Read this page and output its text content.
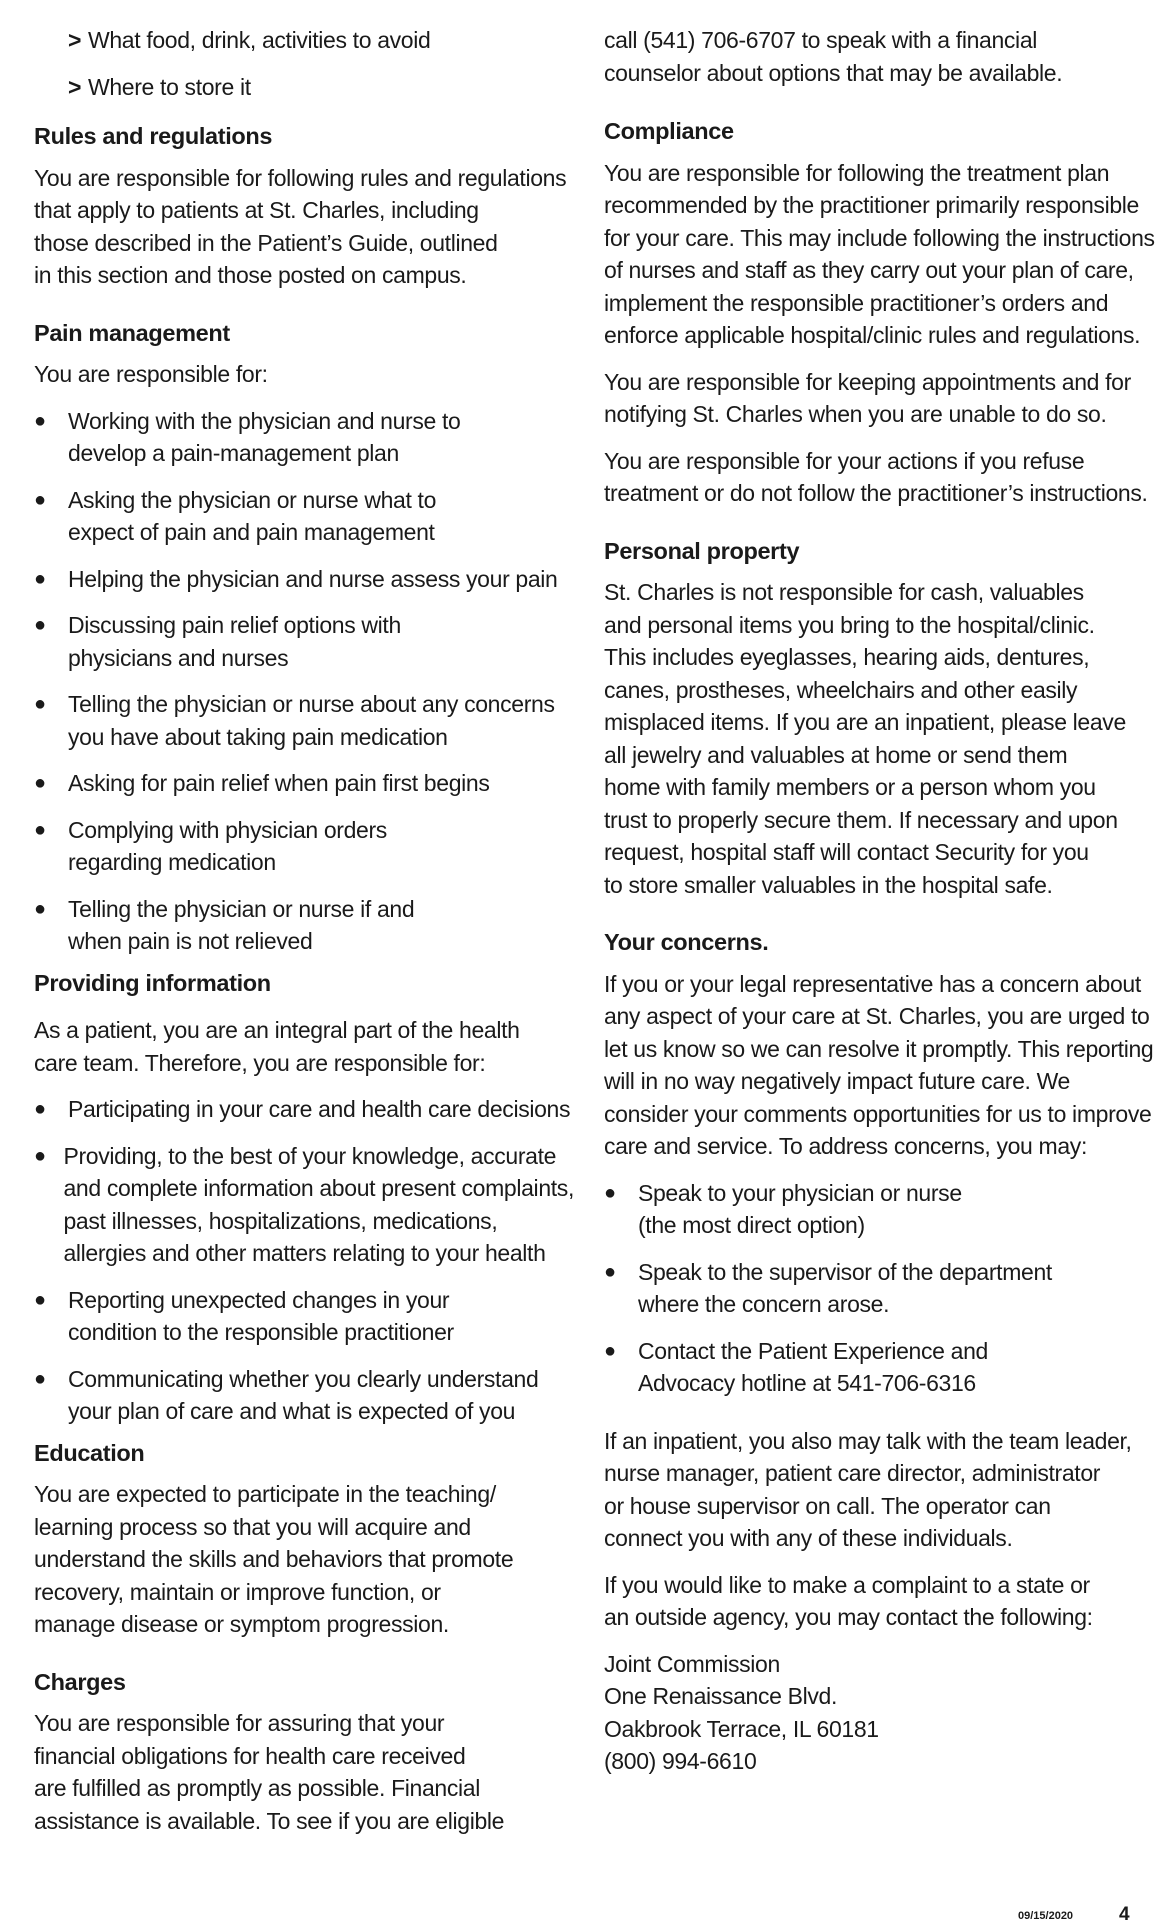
> What food, drink, activities to avoid
> Where to store it
Rules and regulations
You are responsible for following rules and regulations
that apply to patients at St. Charles, including
those described in the Patient’s Guide, outlined
in this section and those posted on campus.
Pain management
You are responsible for:
● Working with the physician and nurse to
develop a pain-management plan
● Asking the physician or nurse what to
expect of pain and pain management
● Helping the physician and nurse assess your pain
● Discussing pain relief options with
physicians and nurses
● Telling the physician or nurse about any concerns
you have about taking pain medication
● Asking for pain relief when pain first begins
● Complying with physician orders
regarding medication
● Telling the physician or nurse if and
when pain is not relieved
Providing information
As a patient, you are an integral part of the health
care team. Therefore, you are responsible for:
● Participating in your care and health care decisions
● Providing, to the best of your knowledge, accurate
and complete information about present complaints,
past illnesses, hospitalizations, medications,
allergies and other matters relating to your health
● Reporting unexpected changes in your
condition to the responsible practitioner
● Communicating whether you clearly understand
your plan of care and what is expected of you
Education
You are expected to participate in the teaching/
learning process so that you will acquire and
understand the skills and behaviors that promote
recovery, maintain or improve function, or
manage disease or symptom progression.
Charges
You are responsible for assuring that your
financial obligations for health care received
are fulfilled as promptly as possible. Financial
assistance is available. To see if you are eligible
call (541) 706-6707 to speak with a financial
counselor about options that may be available.
Compliance
You are responsible for following the treatment plan
recommended by the practitioner primarily responsible
for your care. This may include following the instructions
of nurses and staff as they carry out your plan of care,
implement the responsible practitioner’s orders and
enforce applicable hospital/clinic rules and regulations.
You are responsible for keeping appointments and for
notifying St. Charles when you are unable to do so.
You are responsible for your actions if you refuse
treatment or do not follow the practitioner’s instructions.
Personal property
St. Charles is not responsible for cash, valuables
and personal items you bring to the hospital/clinic.
This includes eyeglasses, hearing aids, dentures,
canes, prostheses, wheelchairs and other easily
misplaced items. If you are an inpatient, please leave
all jewelry and valuables at home or send them
home with family members or a person whom you
trust to properly secure them. If necessary and upon
request, hospital staff will contact Security for you
to store smaller valuables in the hospital safe.
Your concerns.
If you or your legal representative has a concern about
any aspect of your care at St. Charles, you are urged to
let us know so we can resolve it promptly. This reporting
will in no way negatively impact future care. We
consider your comments opportunities for us to improve
care and service. To address concerns, you may:
● Speak to your physician or nurse
(the most direct option)
● Speak to the supervisor of the department
where the concern arose.
● Contact the Patient Experience and
Advocacy hotline at 541-706-6316
If an inpatient, you also may talk with the team leader,
nurse manager, patient care director, administrator
or house supervisor on call. The operator can
connect you with any of these individuals.
If you would like to make a complaint to a state or
an outside agency, you may contact the following:
Joint Commission
One Renaissance Blvd.
Oakbrook Terrace, IL 60181
(800) 994-6610
09/15/2020 4
